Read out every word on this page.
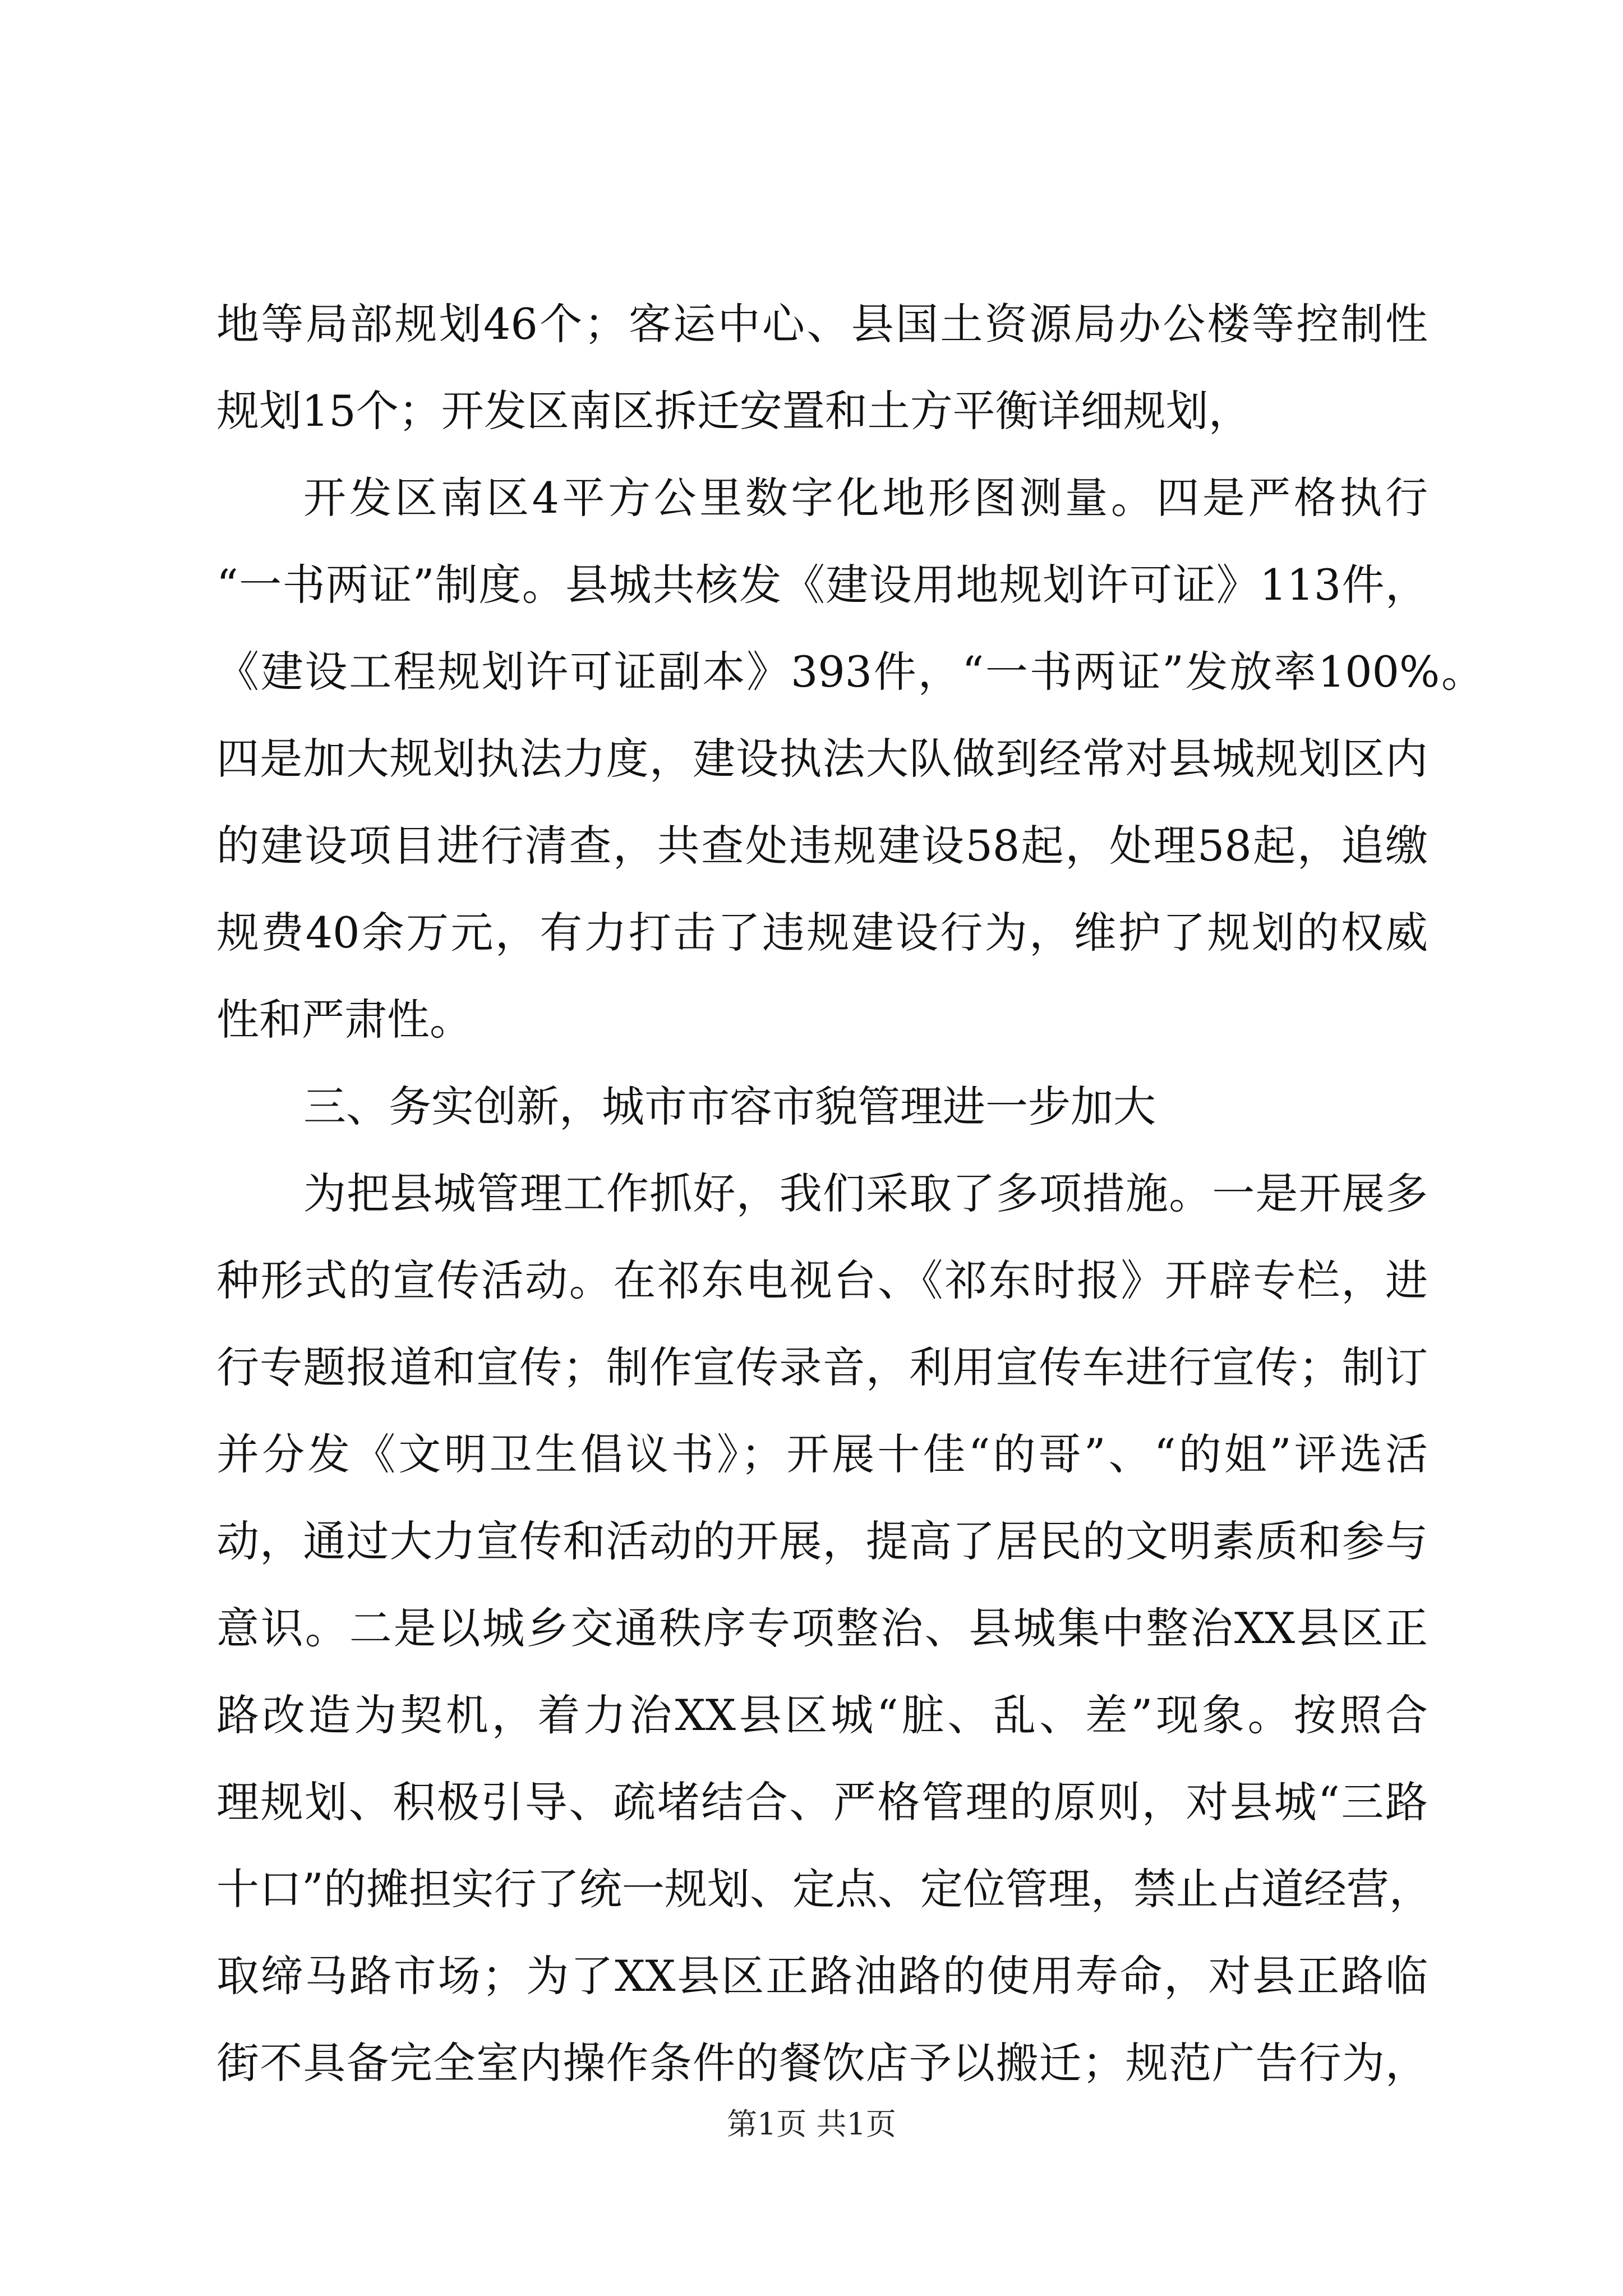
地等局部规划46个；客运中心、县国土资源局办公楼等控制性
规划15个；开发区南区拆迁安置和土方平衡详细规划，
开发区南区4平方公里数字化地形图测量。四是严格执行
“一书两证”制度。县城共核发《建设用地规划许可证》113件，
《建设工程规划许可证副本》393件，“一书两证”发放率100%。
四是加大规划执法力度，建设执法大队做到经常对县城规划区内
的建设项目进行清查，共查处违规建设58起，处理58起，追缴
规费40余万元，有力打击了违规建设行为，维护了规划的权威
性和严肃性。
三、务实创新，城市市容市貌管理进一步加大
为把县城管理工作抓好，我们采取了多项措施。一是开展多
种形式的宣传活动。在祁东电视台、《祁东时报》开辟专栏，进
行专题报道和宣传；制作宣传录音，利用宣传车进行宣传；制订
并分发《文明卫生倡议书》；开展十佳“的哥”、“的姐”评选活
动，通过大力宣传和活动的开展，提高了居民的文明素质和参与
意识。二是以城乡交通秩序专项整治、县城集中整治XX县区正
路改造为契机，着力治XX县区城“脏、乱、差”现象。按照合
理规划、积极引导、疏堵结合、严格管理的原则，对县城“三路
十口”的摊担实行了统一规划、定点、定位管理，禁止占道经营，
取缔马路市场；为了XX县区正路油路的使用寿命，对县正路临
街不具备完全室内操作条件的餐饮店予以搬迁；规范广告行为，
第1页 共1页
